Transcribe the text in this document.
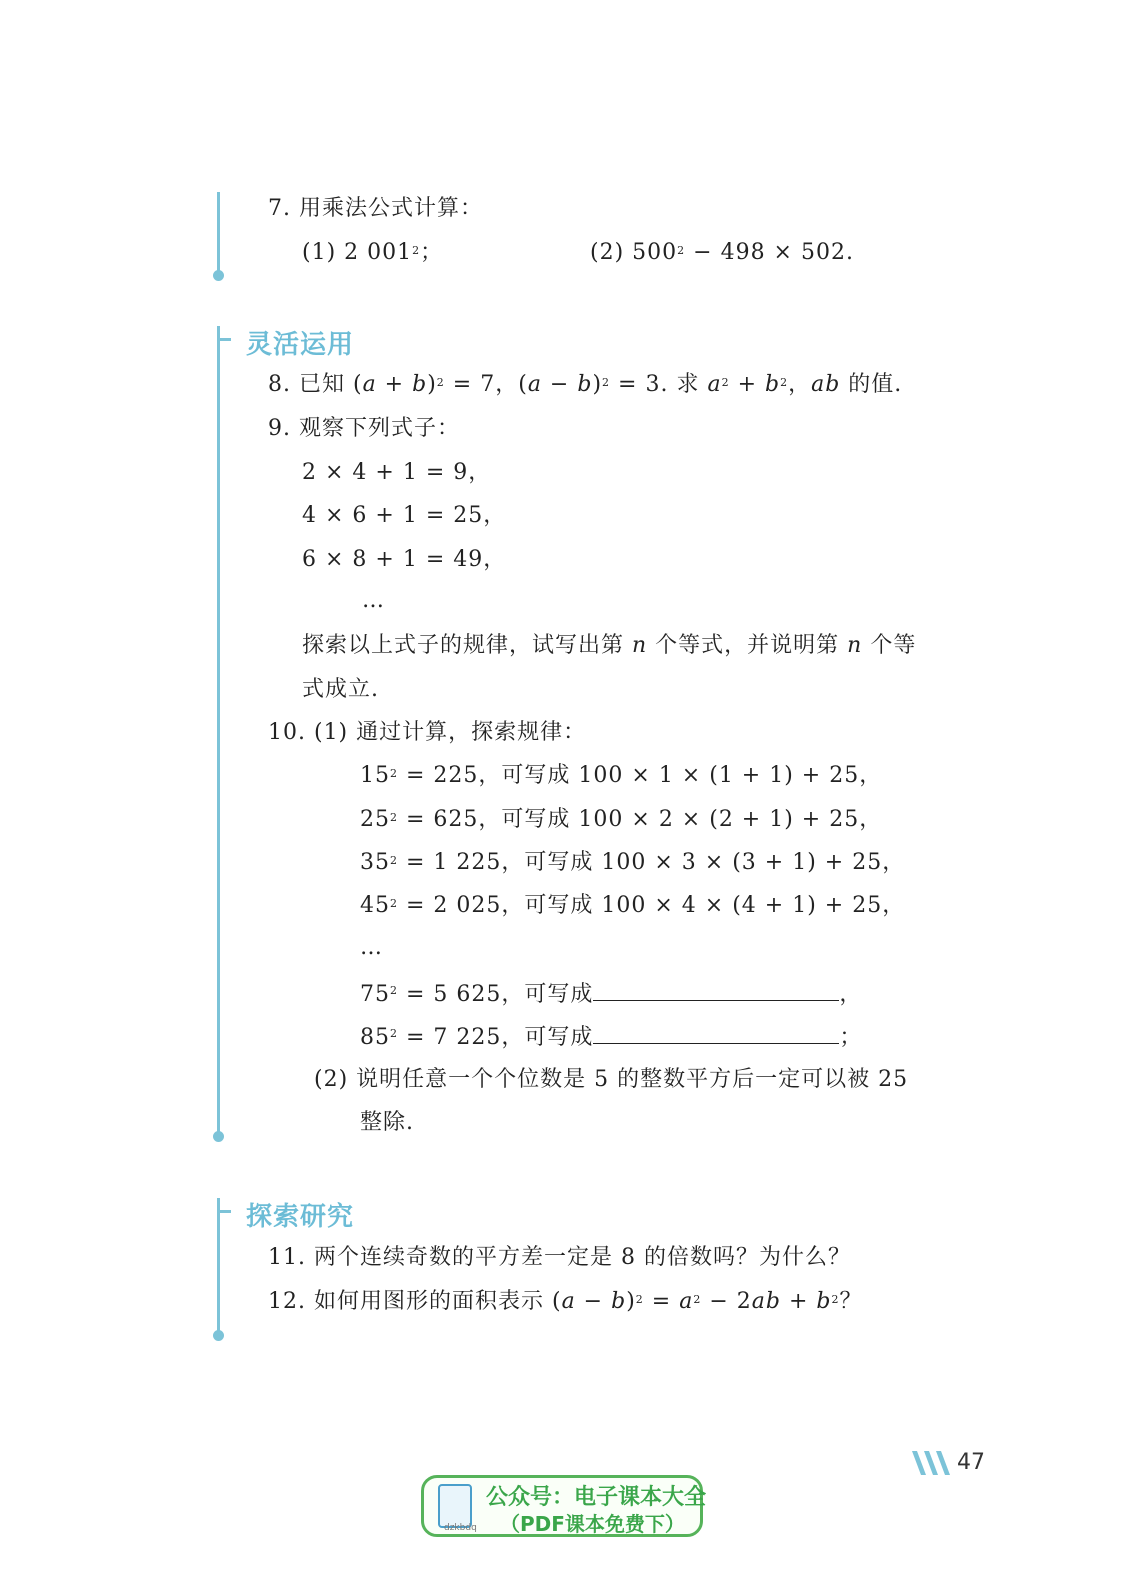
7. 用乘法公式计算：
(1) 2 $001^2$；	(2) $500^2 - 498 \times 502$.
灵活运用
8. 已知 $(a + b)^2 = 7$，$(a - b)^2 = 3$. 求 $a^2 + b^2$，ab 的值.
9. 观察下列式子：
2 × 4 + 1 = 9，
4 × 6 + 1 = 25，
6 × 8 + 1 = 49，
…
探索以上式子的规律，试写出第 n 个等式，并说明第 n 个等
式成立.
10. (1) 通过计算，探索规律：
$15^2 = 225$，可写成 100 × 1 × (1 + 1) + 25，
$25^2 = 625$，可写成 100 × 2 × (2 + 1) + 25，
$35^2 = 1$ 225，可写成 100 × 3 × (3 + 1) + 25，
$45^2 = 2$ 025，可写成 100 × 4 × (4 + 1) + 25，
…
$75^2 = 5$ 625，可写成	，
$85^2 = 7$ 225，可写成	；
(2) 说明任意一个个位数是 5 的整数平方后一定可以被 25
整除.
探索研究
11. 两个连续奇数的平方差一定是 8 的倍数吗？为什么？
12. 如何用图形的面积表示 $(a - b)^2 = a^2 - 2ab + b^2$？
47
dzkbdq
公众号：电子课本大全
（PDF课本免费下）
